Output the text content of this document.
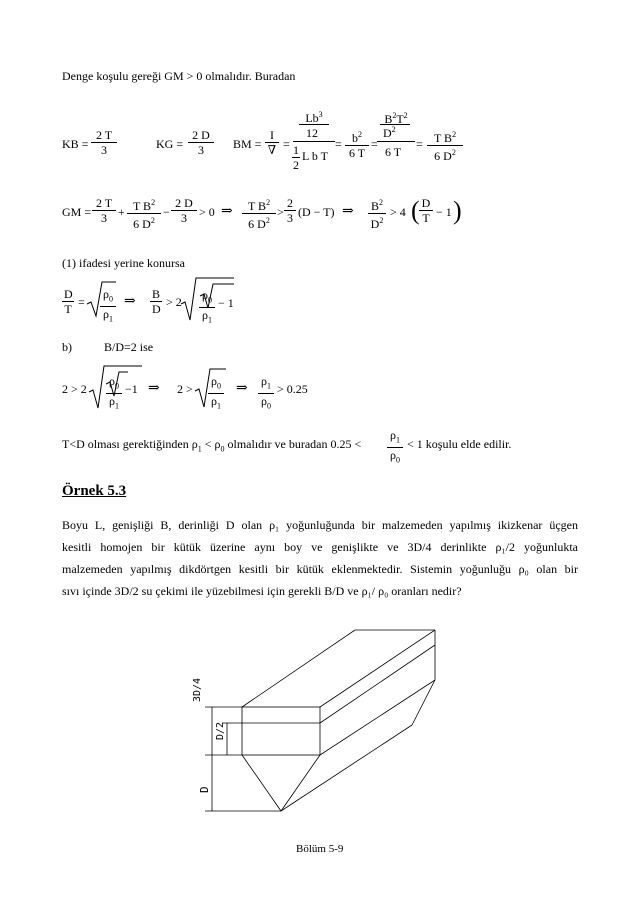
Denge koşulu gereği GM > 0 olmalıdır. Buradan
KB = $\frac{2 T}{3}$	KG = $\frac{2 D}{3}$ BM =
I
∇ =
$Lb^3$
12
1
2
L b T
= $\frac{b^2}{6 T}$ =
$B^2T^2$
$D^2$
6 T
= $\frac{T B^2}{6 D^2}$
GM = $\frac{2 T}{3} + \frac{T B^2}{6 D^2} - \frac{2 D}{3} > 0$ ⇒ $\frac{T B^2}{6 D^2} > \frac{2}{3} (D - T)$ ⇒ $\frac{B^2}{D^2} > 4$ ( $\frac{D}{T} - 1$ )
(1) ifadesi yerine konursa
$\frac{D}{T} = \frac{\rho_0}{\rho_1}$ ⇒ $\frac{B}{D} > 2 \frac{\rho_0}{\rho_1} - 1$
b)	B/D=2 ise
$2 > 2 \frac{\rho_0}{\rho_1} -1$ ⇒ $2 > \frac{\rho_0}{\rho_1}$ ⇒ $\frac{\rho_1}{\rho_0} > 0.25$
T<D olması gerektiğinden $\rho_1 < \rho_0$ olmalıdır ve buradan $0.25 < \frac{\rho_1}{\rho_0} < 1$ koşulu elde edilir.
Örnek 5.3
Boyu L, genişliği B, derinliği D olan ρ₁ yoğunluğunda bir malzemeden yapılmış ikizkenar üçgen
kesitli homojen bir kütük üzerine aynı boy ve genişlikte ve 3D/4 derinlikte ρ₁/2 yoğunlukta
malzemeden yapılmış dikdörtgen kesitli bir kütük eklenmektedir. Sistemin yoğunluğu ρ₀ olan bir
sıvı içinde 3D/2 su çekimi ile yüzebilmesi için gerekli B/D ve ρ₁/ ρ₀ oranları nedir?
3D/4
D/2
D
Bölüm 5-9
